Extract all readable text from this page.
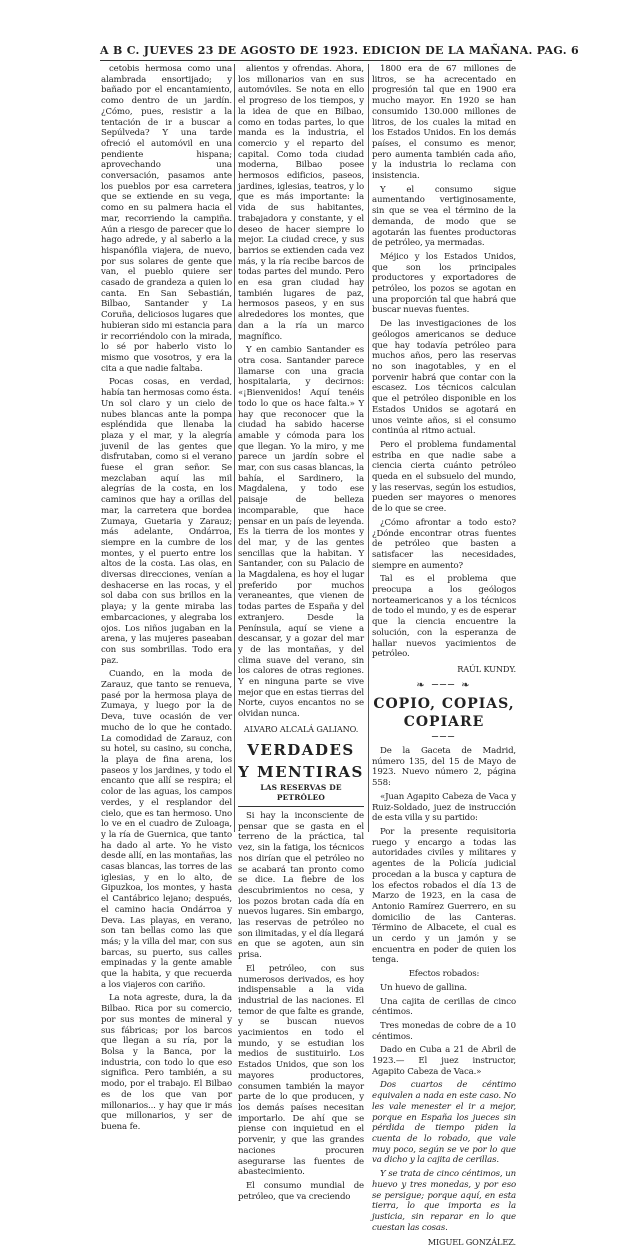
A B C. JUEVES 23 DE AGOSTO DE 1923. EDICION DE LA MAÑANA. PAG. 6

cetobis hermosa como una alambrada ensortijado; y bañado por el encantamiento, como dentro de un jardín. ¿Cómo, pues, resistir a la tentación de ir a buscar a Sepúlveda? Y una tarde ofreció el automóvil en una pendiente hispana; aprovechando una conversación, pasamos ante los pueblos por esa carretera que se extiende en su vega, como en su palmera hacia el mar, recorriendo la campiña. Aún a riesgo de parecer que lo hago adrede, y al saberlo a la hispanófila viajera, de nuevo, por sus solares de gente que van, el pueblo quiere ser casado de grandeza a quien lo canta. En San Sebastián, Bilbao, Santander y La Coruña, deliciosos lugares que hubieran sido mi estancia para ir recorriéndolo con la mirada, lo sé por haberlo visto lo mismo que vosotros, y era la cita a que nadie faltaba.

Pocas cosas, en verdad, había tan hermosas como ésta. Un sol claro y un cielo de nubes blancas ante la pompa espléndida que llenaba la plaza y el mar, y la alegría juvenil de las gentes que disfrutaban, como si el verano fuese el gran señor. Se mezclaban aquí las mil alegrías de la costa, en los caminos que hay a orillas del mar, la carretera que bordea Zumaya, Guetaria y Zarauz; más adelante, Ondárroa, siempre en la cumbre de los montes, y el puerto entre los altos de la costa. Las olas, en diversas direcciones, venían a deshacerse en las rocas, y el sol daba con sus brillos en la playa; y la gente miraba las embarcaciones, y alegraba los ojos. Los niños jugaban en la arena, y las mujeres paseaban con sus sombrillas. Todo era paz.

Cuando, en la moda de Zarauz, que tanto se renueva, pasé por la hermosa playa de Zumaya, y luego por la de Deva, tuve ocasión de ver mucho de lo que he contado. La comodidad de Zarauz, con su hotel, su casino, su concha, la playa de fina arena, los paseos y los jardines, y todo el encanto que allí se respira; el color de las aguas, los campos verdes, y el resplandor del cielo, que es tan hermoso. Uno lo ve en el cuadro de Zuloaga, y la ría de Guernica, que tanto ha dado al arte. Yo he visto desde allí, en las montañas, las casas blancas, las torres de las iglesias, y en lo alto, de Gipuzkoa, los montes, y hasta el Cantábrico lejano; después, el camino hacia Ondárroa y Deva. Las playas, en verano, son tan bellas como las que más; y la villa del mar, con sus barcas, su puerto, sus calles empinadas y la gente amable que la habita, y que recuerda a los viajeros con cariño.

La nota agreste, dura, la da Bilbao. Rica por su comercio, por sus montes de mineral y sus fábricas; por los barcos que llegan a su ría, por la Bolsa y la Banca, por la industria, con todo lo que eso significa. Pero también, a su modo, por el trabajo. El Bilbao es de los que van por millonarios... y hay que ir más que millonarios, y ser de buena fe.

alientos y ofrendas. Ahora, los millonarios van en sus automóviles. Se nota en ello el progreso de los tiempos, y la idea de que en Bilbao, como en todas partes, lo que manda es la industria, el comercio y el reparto del capital. Como toda ciudad moderna, Bilbao posee hermosos edificios, paseos, jardines, iglesias, teatros, y lo que es más importante: la vida de sus habitantes, trabajadora y constante, y el deseo de hacer siempre lo mejor. La ciudad crece, y sus barrios se extienden cada vez más, y la ría recibe barcos de todas partes del mundo. Pero en esa gran ciudad hay también lugares de paz, hermosos paseos, y en sus alrededores los montes, que dan a la ría un marco magnífico.

Y en cambio Santander es otra cosa. Santander parece llamarse con una gracia hospitalaria, y decirnos: «¡Bienvenidos! Aquí tenéis todo lo que os hace falta.» Y hay que reconocer que la ciudad ha sabido hacerse amable y cómoda para los que llegan. Yo la miro, y me parece un jardín sobre el mar, con sus casas blancas, la bahía, el Sardinero, la Magdalena, y todo ese paisaje de belleza incomparable, que hace pensar en un país de leyenda. Es la tierra de los montes y del mar, y de las gentes sencillas que la habitan. Y Santander, con su Palacio de la Magdalena, es hoy el lugar preferido por muchos veraneantes, que vienen de todas partes de España y del extranjero. Desde la Península, aquí se viene a descansar, y a gozar del mar y de las montañas, y del clima suave del verano, sin los calores de otras regiones. Y en ninguna parte se vive mejor que en estas tierras del Norte, cuyos encantos no se olvidan nunca.

ALVARO ALCALÁ GALIANO.
VERDADES
Y MENTIRAS
LAS RESERVAS DE PETRÓLEO

Si hay la inconsciente de pensar que se gasta en el terreno de la práctica, tal vez, sin la fatiga, los técnicos nos dirían que el petróleo no se acabará tan pronto como se dice. La fiebre de los descubrimientos no cesa, y los pozos brotan cada día en nuevos lugares. Sin embargo, las reservas de petróleo no son ilimitadas, y el día llegará en que se agoten, aun sin prisa.

El petróleo, con sus numerosos derivados, es hoy indispensable a la vida industrial de las naciones. El temor de que falte es grande, y se buscan nuevos yacimientos en todo el mundo, y se estudian los medios de sustituirlo. Los Estados Unidos, que son los mayores productores, consumen también la mayor parte de lo que producen, y los demás países necesitan importarlo. De ahí que se piense con inquietud en el porvenir, y que las grandes naciones procuren asegurarse las fuentes de abastecimiento.

El consumo mundial de petróleo, que va creciendo

1800 era de 67 millones de litros, se ha acrecentado en progresión tal que en 1900 era mucho mayor. En 1920 se han consumido 130.000 millones de litros, de los cuales la mitad en los Estados Unidos. En los demás países, el consumo es menor, pero aumenta también cada año, y la industria lo reclama con insistencia.

Y el consumo sigue aumentando vertiginosamente, sin que se vea el término de la demanda, de modo que se agotarán las fuentes productoras de petróleo, ya mermadas.

Méjico y los Estados Unidos, que son los principales productores y exportadores de petróleo, los pozos se agotan en una proporción tal que habrá que buscar nuevas fuentes.

De las investigaciones de los geólogos americanos se deduce que hay todavía petróleo para muchos años, pero las reservas no son inagotables, y en el porvenir habrá que contar con la escasez. Los técnicos calculan que el petróleo disponible en los Estados Unidos se agotará en unos veinte años, si el consumo continúa al ritmo actual.

Pero el problema fundamental estriba en que nadie sabe a ciencia cierta cuánto petróleo queda en el subsuelo del mundo, y las reservas, según los estudios, pueden ser mayores o menores de lo que se cree.

¿Cómo afrontar a todo esto? ¿Dónde encontrar otras fuentes de petróleo que basten a satisfacer las necesidades, siempre en aumento?

Tal es el problema que preocupa a los geólogos norteamericanos y a los técnicos de todo el mundo, y es de esperar que la ciencia encuentre la solución, con la esperanza de hallar nuevos yacimientos de petróleo.

RAÚL KUNDY.
❧ ─── ❧
COPIO, COPIAS, COPIARE
───

De la Gaceta de Madrid, número 135, del 15 de Mayo de 1923. Nuevo número 2, página 558:

«Juan Agapito Cabeza de Vaca y Ruiz-Soldado, juez de instrucción de esta villa y su partido:

Por la presente requisitoria ruego y encargo a todas las autoridades civiles y militares y agentes de la Policía judicial procedan a la busca y captura de los efectos robados el día 13 de Marzo de 1923, en la casa de Antonio Ramírez Guerrero, en su domicilio de las Canteras. Término de Albacete, el cual es un cerdo y un jamón y se encuentra en poder de quien los tenga.

Efectos robados:

Un huevo de gallina.

Una cajita de cerillas de cinco céntimos.

Tres monedas de cobre de a 10 céntimos.

Dado en Cuba a 21 de Abril de 1923.— El juez instructor, Agapito Cabeza de Vaca.»

Dos cuartos de céntimo equivalen a nada en este caso. No les vale menester el ir a mejor, porque en España los jueces sin pérdida de tiempo piden la cuenta de lo robado, que vale muy poco, según se ve por lo que va dicho y la cajita de cerillas.

Y se trata de cinco céntimos, un huevo y tres monedas, y por eso se persigue; porque aquí, en esta tierra, lo que importa es la justicia, sin reparar en lo que cuestan las cosas.

MIGUEL GONZÁLEZ.
